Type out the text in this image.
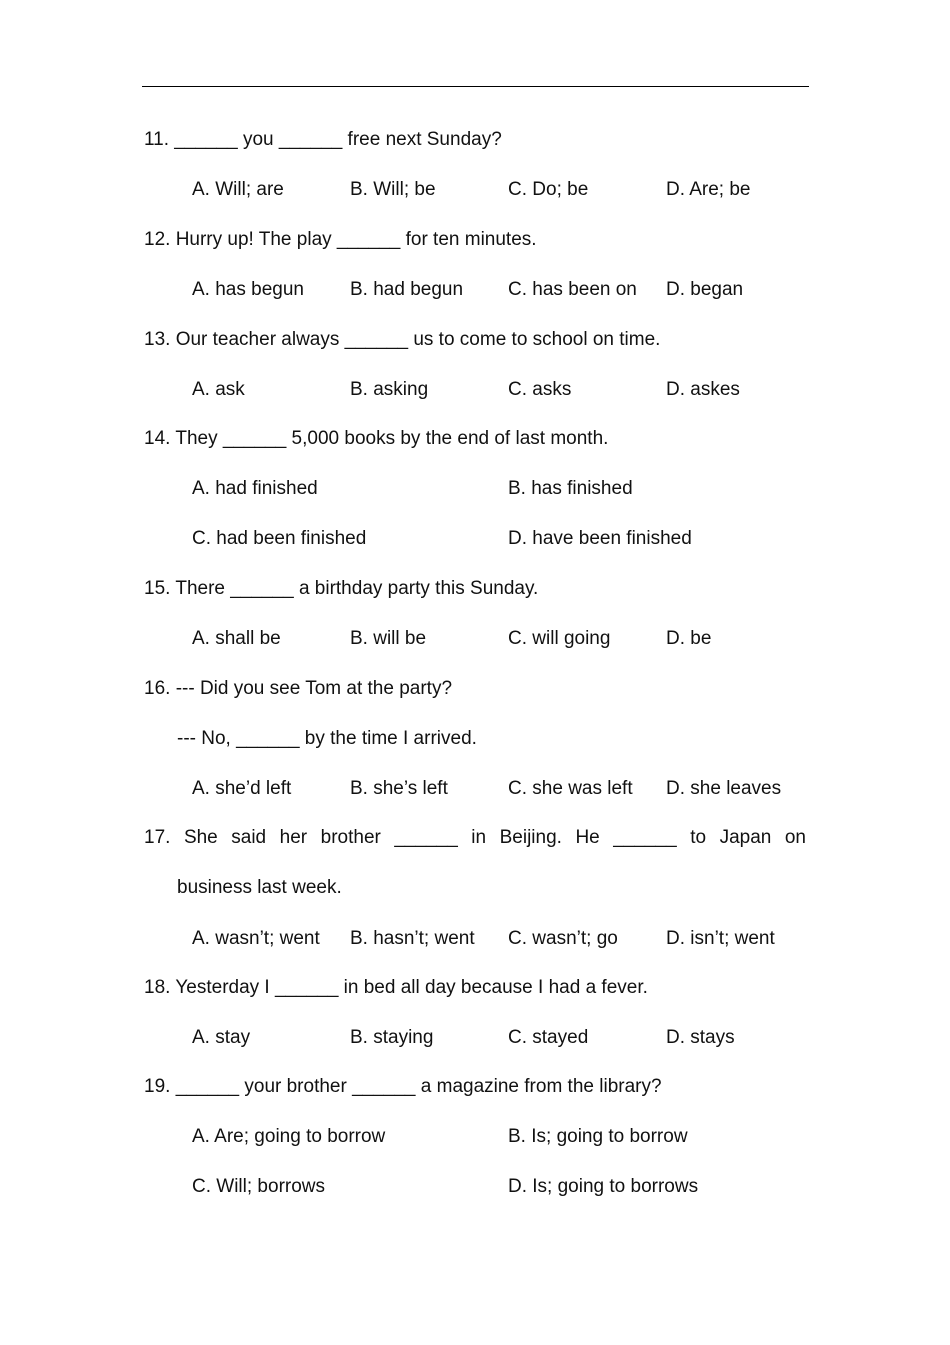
11. ______ you ______ free next Sunday?
A. Will; are	B. Will; be	C. Do; be	D. Are; be
12. Hurry up! The play ______ for ten minutes.
A. has begun	B. had begun	C. has been on	D. began
13. Our teacher always ______ us to come to school on time.
A. ask	B. asking	C. asks	D. askes
14. They ______ 5,000 books by the end of last month.
A. had finished	B. has finished
C. had been finished	D. have been finished
15. There ______ a birthday party this Sunday.
A. shall be	B. will be	C. will going	D. be
16. --- Did you see Tom at the party?
--- No, ______ by the time I arrived.
A. she’d left	B. she’s left	C. she was left	D. she leaves
17. She said her brother ______ in Beijing. He ______ to Japan on
business last week.
A. wasn’t; went	B. hasn’t; went	C. wasn’t; go	D. isn’t; went
18. Yesterday I ______ in bed all day because I had a fever.
A. stay	B. staying	C. stayed	D. stays
19. ______ your brother ______ a magazine from the library?
A. Are; going to borrow	B. Is; going to borrow
C. Will; borrows	D. Is; going to borrows
